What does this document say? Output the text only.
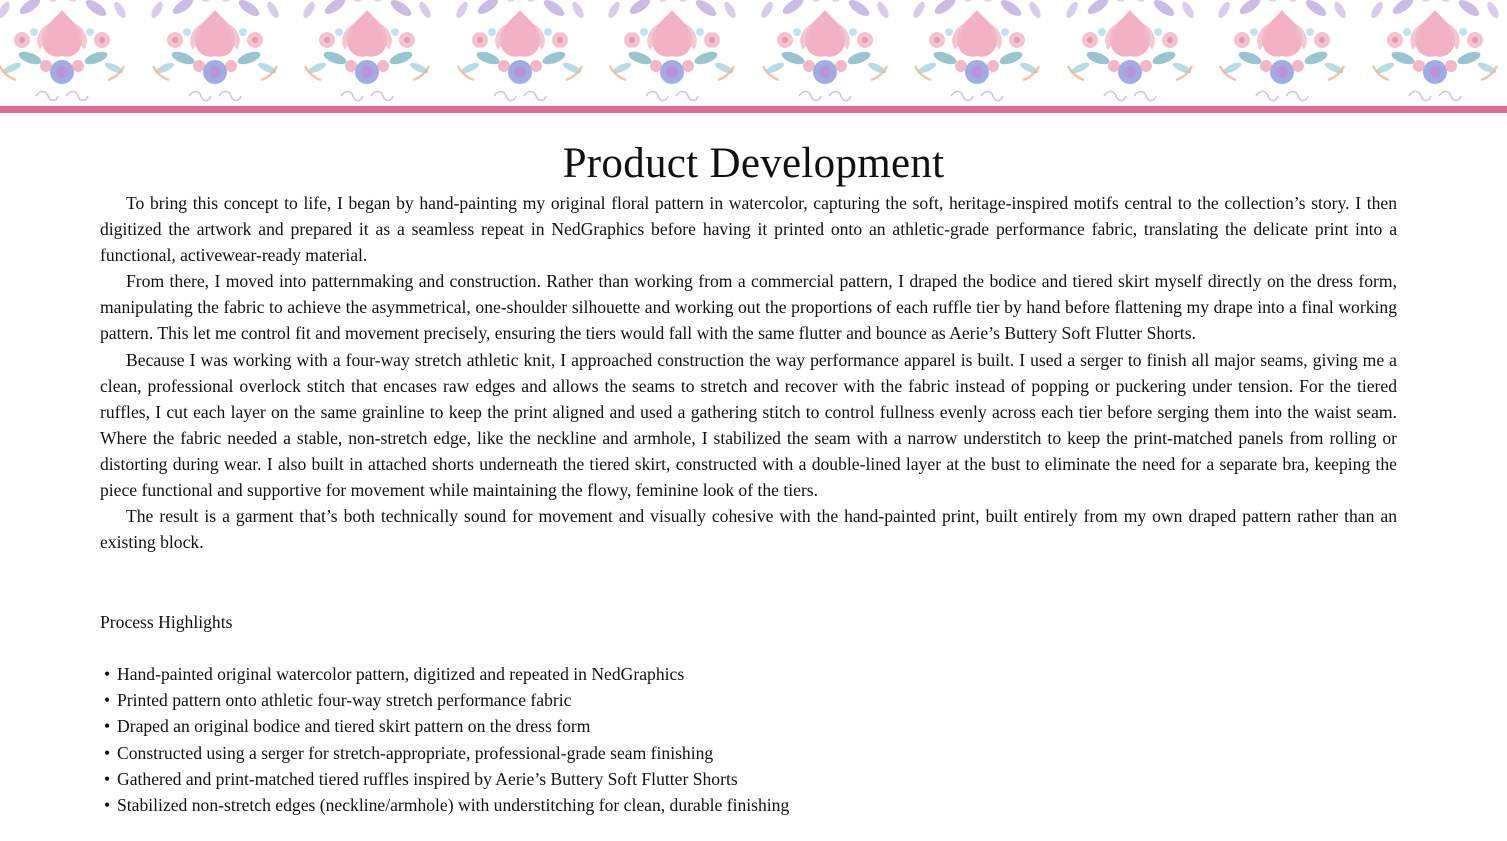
Product Development

To bring this concept to life, I began by hand-painting my original floral pattern in watercolor, capturing the soft, heritage-inspired motifs central to the collection’s story. I then digitized the artwork and prepared it as a seamless repeat in NedGraphics before having it printed onto an athletic-grade performance fabric, translating the delicate print into a functional, activewear-ready material.

From there, I moved into patternmaking and construction. Rather than working from a commercial pattern, I draped the bodice and tiered skirt myself directly on the dress form, manipulating the fabric to achieve the asymmetrical, one-shoulder silhouette and working out the proportions of each ruffle tier by hand before flattening my drape into a final working pattern. This let me control fit and movement precisely, ensuring the tiers would fall with the same flutter and bounce as Aerie’s Buttery Soft Flutter Shorts.

Because I was working with a four-way stretch athletic knit, I approached construction the way performance apparel is built. I used a serger to finish all major seams, giving me a clean, professional overlock stitch that encases raw edges and allows the seams to stretch and recover with the fabric instead of popping or puckering under tension. For the tiered ruffles, I cut each layer on the same grainline to keep the print aligned and used a gathering stitch to control fullness evenly across each tier before serging them into the waist seam. Where the fabric needed a stable, non-stretch edge, like the neckline and armhole, I stabilized the seam with a narrow understitch to keep the print-matched panels from rolling or distorting during wear. I also built in attached shorts underneath the tiered skirt, constructed with a double-lined layer at the bust to eliminate the need for a separate bra, keeping the piece functional and supportive for movement while maintaining the flowy, feminine look of the tiers.

The result is a garment that’s both technically sound for movement and visually cohesive with the hand-painted print, built entirely from my own draped pattern rather than an existing block.

Process Highlights
• Hand-painted original watercolor pattern, digitized and repeated in NedGraphics
• Printed pattern onto athletic four-way stretch performance fabric
• Draped an original bodice and tiered skirt pattern on the dress form
• Constructed using a serger for stretch-appropriate, professional-grade seam finishing
• Gathered and print-matched tiered ruffles inspired by Aerie’s Buttery Soft Flutter Shorts
• Stabilized non-stretch edges (neckline/armhole) with understitching for clean, durable finishing
